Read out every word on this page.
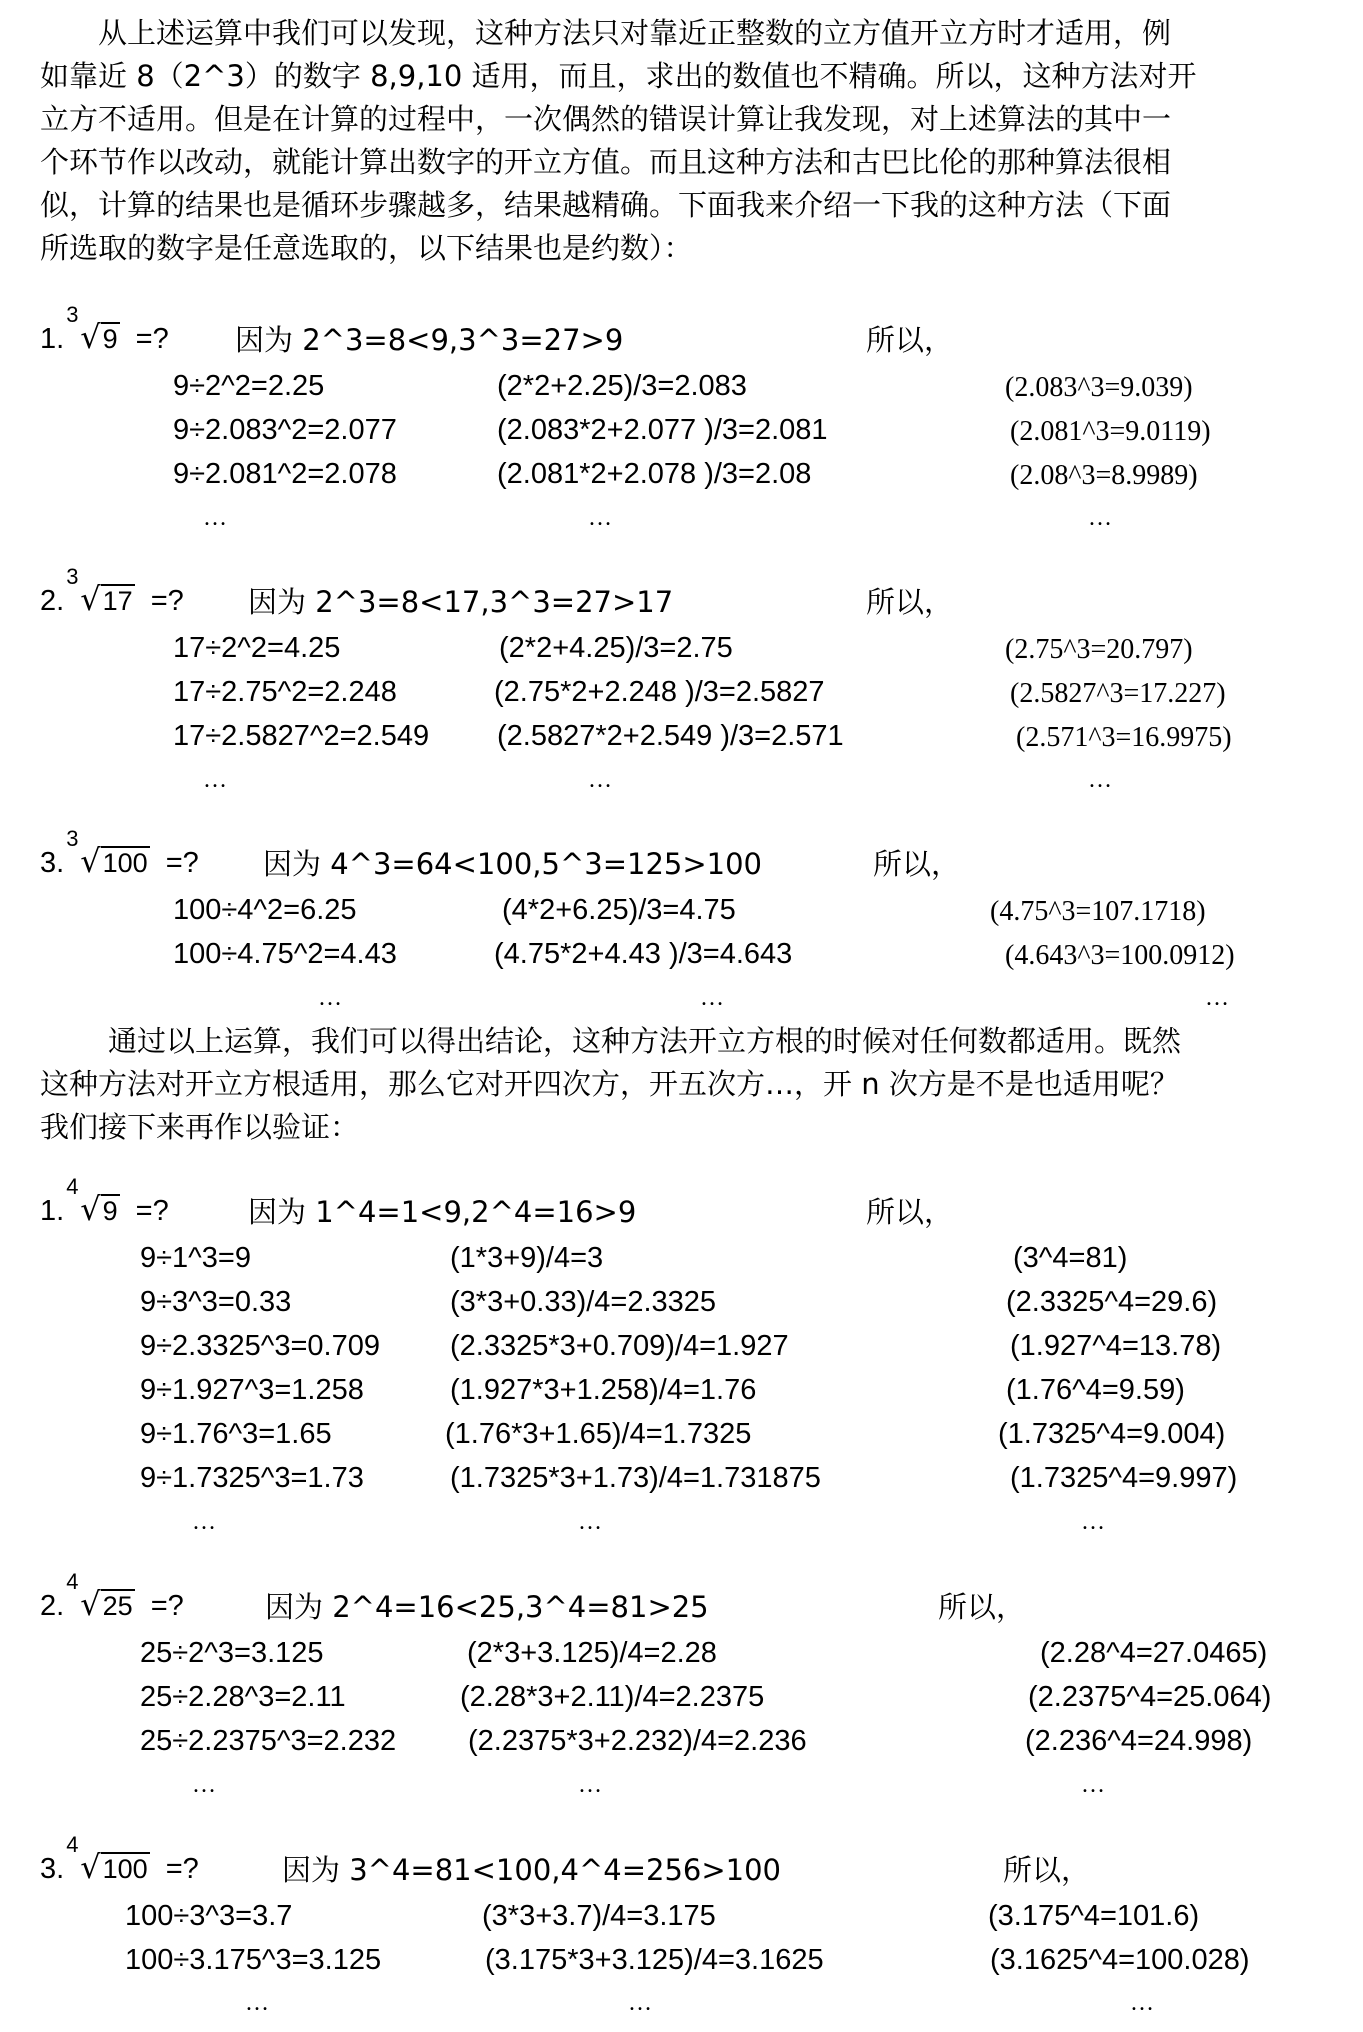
从上述运算中我们可以发现，这种方法只对靠近正整数的立方值开立方时才适用，例
如靠近 8（2^3）的数字 8,9,10 适用，而且，求出的数值也不精确。所以，这种方法对开
立方不适用。但是在计算的过程中，一次偶然的错误计算让我发现，对上述算法的其中一
个环节作以改动，就能计算出数字的开立方值。而且这种方法和古巴比伦的那种算法很相
似，计算的结果也是循环步骤越多，结果越精确。下面我来介绍一下我的这种方法（下面
所选取的数字是任意选取的，以下结果也是约数）：
1.
3
√9 =? 因为 2^3=8<9,3^3=27>9	所以，
9÷2^2=2.25	(2*2+2.25)/3=2.083	(2.083^3=9.039)
9÷2.083^2=2.077	(2.083*2+2.077 )/3=2.081	(2.081^3=9.0119)
9÷2.081^2=2.078	(2.081*2+2.078 )/3=2.08	(2.08^3=8.9989)
…	…	…
2.
3
√17 =? 因为 2^3=8<17,3^3=27>17	所以，
17÷2^2=4.25	(2*2+4.25)/3=2.75	(2.75^3=20.797)
17÷2.75^2=2.248	(2.75*2+2.248 )/3=2.5827	(2.5827^3=17.227)
17÷2.5827^2=2.549 (2.5827*2+2.549 )/3=2.571	(2.571^3=16.9975)
…	…	…
3.
3
√100 =? 因为 4^3=64<100,5^3=125>100	所以，
100÷4^2=6.25	(4*2+6.25)/3=4.75	(4.75^3=107.1718)
100÷4.75^2=4.43	(4.75*2+4.43 )/3=4.643	(4.643^3=100.0912)
…	…	…
通过以上运算，我们可以得出结论，这种方法开立方根的时候对任何数都适用。既然
这种方法对开立方根适用，那么它对开四次方，开五次方…，开 n 次方是不是也适用呢？
我们接下来再作以验证：
1.
4
√9 =?	因为 1^4=1<9,2^4=16>9	所以，
9÷1^3=9	(1*3+9)/4=3	(3^4=81)
9÷3^3=0.33	(3*3+0.33)/4=2.3325	(2.3325^4=29.6)
9÷2.3325^3=0.709 (2.3325*3+0.709)/4=1.927	(1.927^4=13.78)
9÷1.927^3=1.258	(1.927*3+1.258)/4=1.76	(1.76^4=9.59)
9÷1.76^3=1.65	(1.76*3+1.65)/4=1.7325	(1.7325^4=9.004)
9÷1.7325^3=1.73	(1.7325*3+1.73)/4=1.731875	(1.7325^4=9.997)
…	…	…
2.
4
√25 =?	因为 2^4=16<25,3^4=81>25	所以，
25÷2^3=3.125	(2*3+3.125)/4=2.28	(2.28^4=27.0465)
25÷2.28^3=2.11	(2.28*3+2.11)/4=2.2375	(2.2375^4=25.064)
25÷2.2375^3=2.232 (2.2375*3+2.232)/4=2.236	(2.236^4=24.998)
…	…	…
3.
4
√100 =?	因为 3^4=81<100,4^4=256>100	所以，
100÷3^3=3.7	(3*3+3.7)/4=3.175	(3.175^4=101.6)
100÷3.175^3=3.125	(3.175*3+3.125)/4=3.1625	(3.1625^4=100.028)
…	…	…
